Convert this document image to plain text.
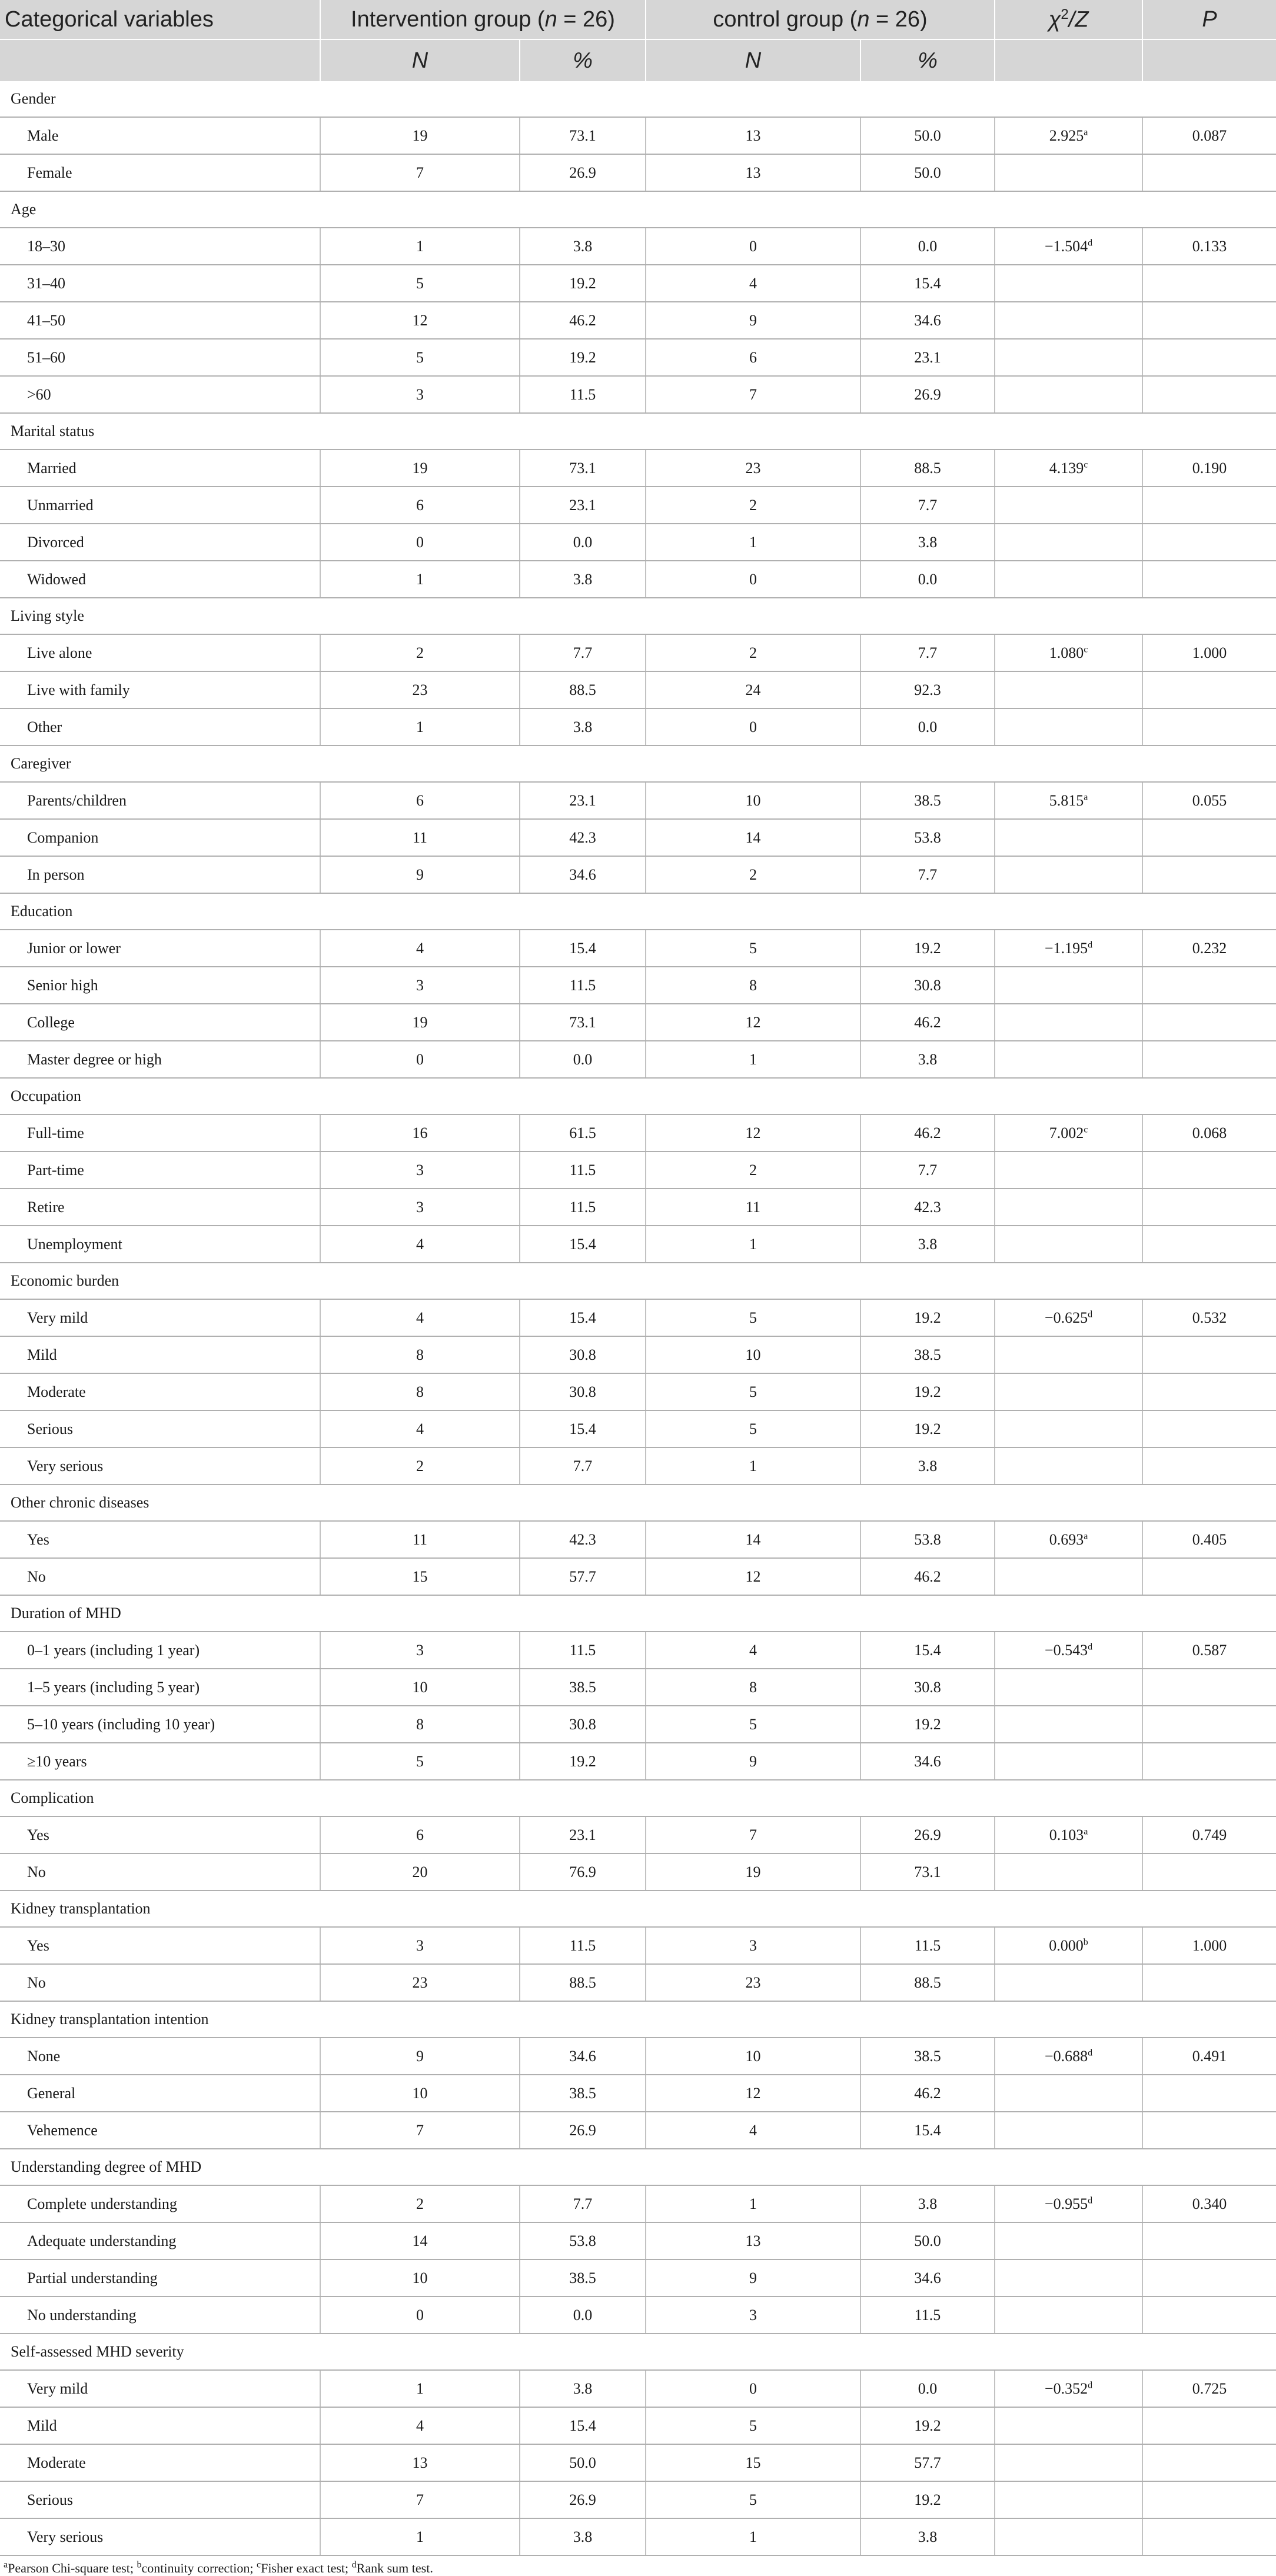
Categorical variables	Intervention group (n = 26)		control group (n = 26)		$\chi^2/Z$	P
	N	%	N	%		
Gender						
Male	19	73.1	13	50.0	2.925$^a$	0.087
Female	7	26.9	13	50.0		
Age						
18–30	1	3.8	0	0.0	−1.504$^d$	0.133
31–40	5	19.2	4	15.4		
41–50	12	46.2	9	34.6		
51–60	5	19.2	6	23.1		
>60	3	11.5	7	26.9		
Marital status						
Married	19	73.1	23	88.5	4.139$^c$	0.190
Unmarried	6	23.1	2	7.7		
Divorced	0	0.0	1	3.8		
Widowed	1	3.8	0	0.0		
Living style						
Live alone	2	7.7	2	7.7	1.080$^c$	1.000
Live with family	23	88.5	24	92.3		
Other	1	3.8	0	0.0		
Caregiver						
Parents/children	6	23.1	10	38.5	5.815$^a$	0.055
Companion	11	42.3	14	53.8		
In person	9	34.6	2	7.7		
Education						
Junior or lower	4	15.4	5	19.2	−1.195$^d$	0.232
Senior high	3	11.5	8	30.8		
College	19	73.1	12	46.2		
Master degree or high	0	0.0	1	3.8		
Occupation						
Full-time	16	61.5	12	46.2	7.002$^c$	0.068
Part-time	3	11.5	2	7.7		
Retire	3	11.5	11	42.3		
Unemployment	4	15.4	1	3.8		
Economic burden						
Very mild	4	15.4	5	19.2	−0.625$^d$	0.532
Mild	8	30.8	10	38.5		
Moderate	8	30.8	5	19.2		
Serious	4	15.4	5	19.2		
Very serious	2	7.7	1	3.8		
Other chronic diseases						
Yes	11	42.3	14	53.8	0.693$^a$	0.405
No	15	57.7	12	46.2		
Duration of MHD						
0–1 years (including 1 year)	3	11.5	4	15.4	−0.543$^d$	0.587
1–5 years (including 5 year)	10	38.5	8	30.8		
5–10 years (including 10 year)	8	30.8	5	19.2		
≥10 years	5	19.2	9	34.6		
Complication						
Yes	6	23.1	7	26.9	0.103$^a$	0.749
No	20	76.9	19	73.1		
Kidney transplantation						
Yes	3	11.5	3	11.5	0.000$^b$	1.000
No	23	88.5	23	88.5		
Kidney transplantation intention						
None	9	34.6	10	38.5	−0.688$^d$	0.491
General	10	38.5	12	46.2		
Vehemence	7	26.9	4	15.4		
Understanding degree of MHD						
Complete understanding	2	7.7	1	3.8	−0.955$^d$	0.340
Adequate understanding	14	53.8	13	50.0		
Partial understanding	10	38.5	9	34.6		
No understanding	0	0.0	3	11.5		
Self-assessed MHD severity						
Very mild	1	3.8	0	0.0	−0.352$^d$	0.725
Mild	4	15.4	5	19.2		
Moderate	13	50.0	15	57.7		
Serious	7	26.9	5	19.2		
Very serious	1	3.8	1	3.8		
$^a$Pearson Chi-square test; $^b$continuity correction; $^c$Fisher exact test; $^d$Rank sum test.
